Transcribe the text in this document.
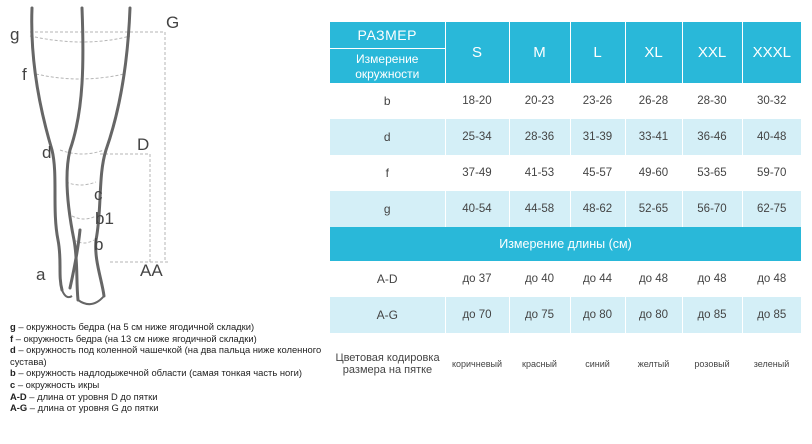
g
G
f
d	D
c
b1
b
a	AA
g – окружность бедра (на 5 см ниже ягодичной складки)
f – окружность бедра (на 13 см ниже ягодичной складки)
d – окружность под коленной чашечкой (на два пальца ниже коленного сустава)
b – окружность надлодыжечной области (самая тонкая часть ноги)
c – окружность икры
A-D – длина от уровня D до пятки
A-G – длина от уровня G до пятки
РАЗМЕР
Измерение окружности	S	M	L	XL	XXL	XXXL
b	18-20	20-23	23-26	26-28	28-30	30-32
d	25-34	28-36	31-39	33-41	36-46	40-48
f	37-49	41-53	45-57	49-60	53-65	59-70
g	40-54	44-58	48-62	52-65	56-70	62-75
Измерение длины (см)						
A-D	до 37	до 40	до 44	до 48	до 48	до 48
A-G	до 70	до 75	до 80	до 80	до 85	до 85
Цветовая кодировка размера на пятке	коричневый	красный	синий	желтый	розовый	зеленый
